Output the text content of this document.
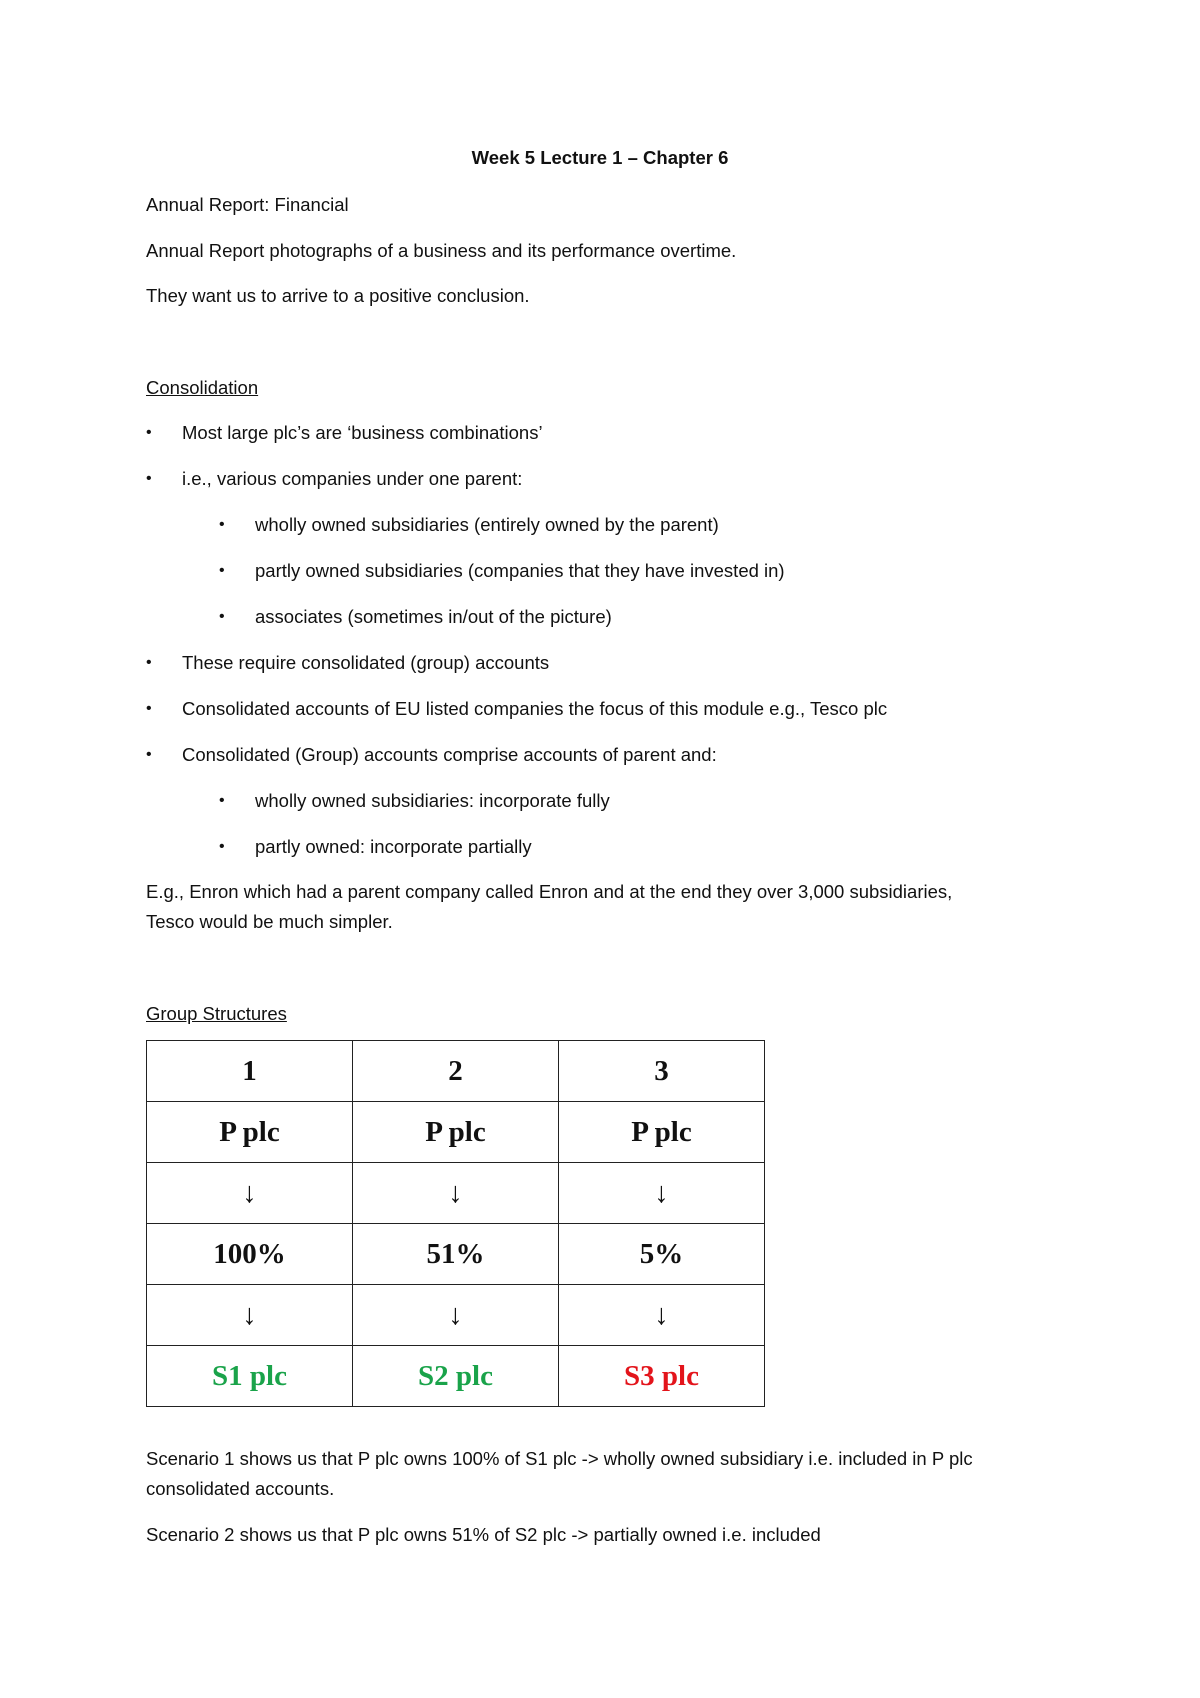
Week 5 Lecture 1 – Chapter 6
Annual Report: Financial
Annual Report photographs of a business and its performance overtime.
They want us to arrive to a positive conclusion.
Consolidation
• Most large plc’s are ‘business combinations’
• i.e., various companies under one parent:
• wholly owned subsidiaries (entirely owned by the parent)
• partly owned subsidiaries (companies that they have invested in)
• associates (sometimes in/out of the picture)
• These require consolidated (group) accounts
• Consolidated accounts of EU listed companies the focus of this module e.g., Tesco plc
• Consolidated (Group) accounts comprise accounts of parent and:
• wholly owned subsidiaries: incorporate fully
• partly owned: incorporate partially
E.g., Enron which had a parent company called Enron and at the end they over 3,000 subsidiaries,
Tesco would be much simpler.
Group Structures
1	2	3
P plc	P plc	P plc
↓	↓	↓
100%	51%	5%
↓	↓	↓
S1 plc	S2 plc	S3 plc
Scenario 1 shows us that P plc owns 100% of S1 plc -> wholly owned subsidiary i.e. included in P plc
consolidated accounts.
Scenario 2 shows us that P plc owns 51% of S2 plc -> partially owned i.e. included
